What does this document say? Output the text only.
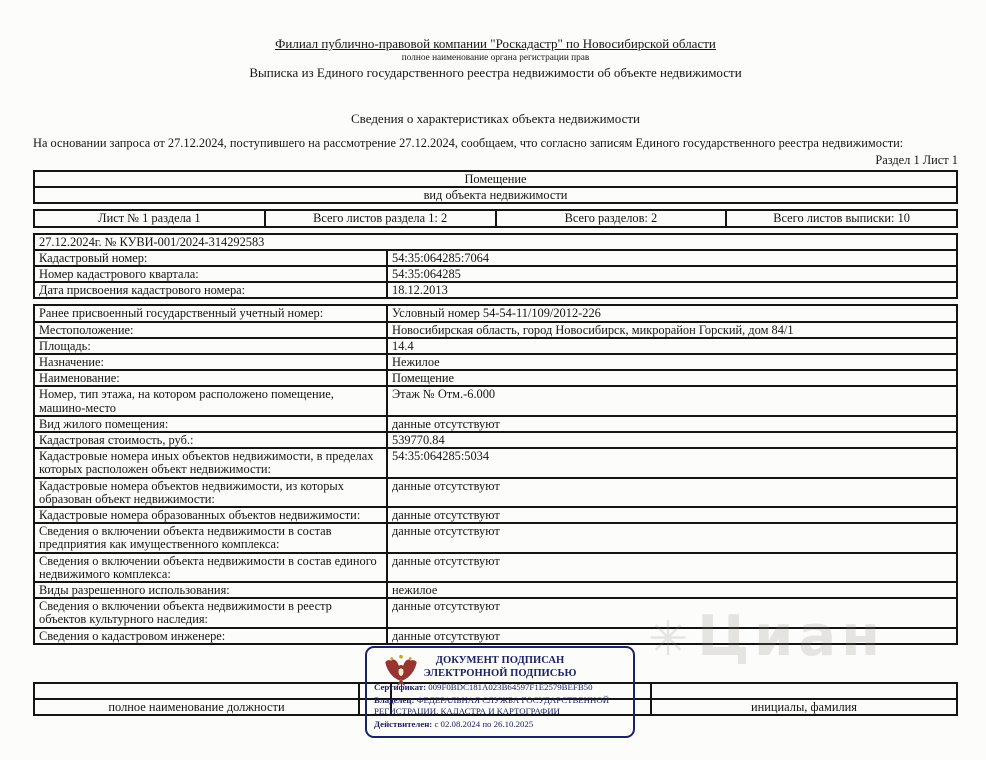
Филиал публично-правовой компании "Роскадастр" по Новосибирской области
полное наименование органа регистрации прав
Выписка из Единого государственного реестра недвижимости об объекте недвижимости
Сведения о характеристиках объекта недвижимости
На основании запроса от 27.12.2024, поступившего на рассмотрение 27.12.2024, сообщаем, что согласно записям Единого государственного реестра недвижимости:
Раздел 1 Лист 1
Помещение
вид объекта недвижимости
Лист № 1 раздела 1	Всего листов раздела 1: 2	Всего разделов: 2	Всего листов выписки: 10
27.12.2024г. № КУВИ-001/2024-314292583	
Кадастровый номер:	54:35:064285:7064
Номер кадастрового квартала:	54:35:064285
Дата присвоения кадастрового номера:	18.12.2013
Ранее присвоенный государственный учетный номер:	Условный номер 54-54-11/109/2012-226
Местоположение:	Новосибирская область, город Новосибирск, микрорайон Горский, дом 84/1
Площадь:	14.4
Назначение:	Нежилое
Наименование:	Помещение
Номер, тип этажа, на котором расположено помещение, машино-место	Этаж № Отм.-6.000
Вид жилого помещения:	данные отсутствуют
Кадастровая стоимость, руб.:	539770.84
Кадастровые номера иных объектов недвижимости, в пределах которых расположен объект недвижимости:	54:35:064285:5034
Кадастровые номера объектов недвижимости, из которых образован объект недвижимости:	данные отсутствуют
Кадастровые номера образованных объектов недвижимости:	данные отсутствуют
Сведения о включении объекта недвижимости в состав предприятия как имущественного комплекса:	данные отсутствуют
Сведения о включении объекта недвижимости в состав единого недвижимого комплекса:	данные отсутствуют
Виды разрешенного использования:	нежилое
Сведения о включении объекта недвижимости в реестр объектов культурного наследия:	данные отсутствуют
Сведения о кадастровом инженере:	данные отсутствуют	✳Циан

полное наименование должности			инициалы, фамилия
ДОКУМЕНТ ПОДПИСАН
ЭЛЕКТРОННОЙ ПОДПИСЬЮ
Сертификат: 009F0BDC181A023B64597F1E2579BEFB50
Владелец: ФЕДЕРАЛЬНАЯ СЛУЖБА ГОСУДАРСТВЕННОЙ РЕГИСТРАЦИИ, КАДАСТРА И КАРТОГРАФИИ
Действителен: с 02.08.2024 по 26.10.2025
